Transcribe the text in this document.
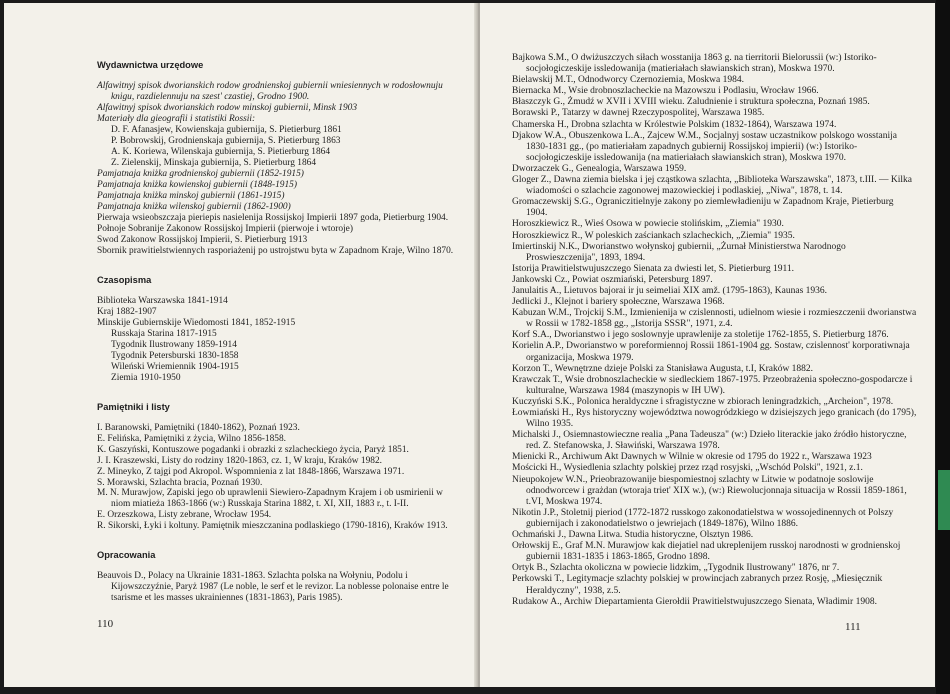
Wydawnictwa urzędowe

Alfawitnyj spisok dworianskich rodow grodnienskoj gubiernii wniesiennych w rodosłownuju knigu, razdielennuju na szest' czastiej, Grodno 1900.

Alfawitnyj spisok dworianskich rodow minskoj gubiernii, Minsk 1903

Materiały dla gieografii i statistiki Rossii:

D. F. Afanasjew, Kowienskaja gubiernija, S. Pietierburg 1861

P. Bobrowskij, Grodnienskaja gubiernija, S. Pietierburg 1863

A. K. Koriewa, Wilenskaja gubiernija, S. Pietierburg 1864

Z. Zielenskij, Minskaja gubiernija, S. Pietierburg 1864

Pamjatnaja kniżka grodnienskoj gubiernii (1852-1915)

Pamjatnaja kniżka kowienskoj gubiernii (1848-1915)

Pamjatnaja kniżka minskoj gubiernii (1861-1915)

Pamjatnaja kniżka wilenskoj gubiernii (1862-1900)

Pierwaja wsieobszczaja pieriepis nasielenija Rossijskoj Impierii 1897 goda, Pietierburg 1904.

Połnoje Sobranije Zakonow Rossijskoj Impierii (pierwoje i wtoroje)

Swod Zakonow Rossijskoj Impierii, S. Pietierburg 1913

Sbornik prawitielstwiennych rasporiażenij po ustrojstwu byta w Zapadnom Kraje, Wilno 1870.

Czasopisma

Biblioteka Warszawska 1841-1914

Kraj 1882-1907

Minskije Gubiernskije Wiedomosti 1841, 1852-1915

Russkaja Starina 1817-1915

Tygodnik Ilustrowany 1859-1914

Tygodnik Petersburski 1830-1858

Wileński Wriemiennik 1904-1915

Ziemia 1910-1950

Pamiętniki i listy

I. Baranowski, Pamiętniki (1840-1862), Poznań 1923.

E. Felińska, Pamiętniki z życia, Wilno 1856-1858.

K. Gaszyński, Kontuszowe pogadanki i obrazki z szlacheckiego życia, Paryż 1851.

J. I. Kraszewski, Listy do rodziny 1820-1863, cz. 1, W kraju, Kraków 1982.

Z. Mineyko, Z tajgi pod Akropol. Wspomnienia z lat 1848-1866, Warszawa 1971.

S. Morawski, Szlachta bracia, Poznań 1930.

M. N. Murawjow, Zapiski jego ob uprawlenii Siewiero-Zapadnym Krajem i ob usmirienii w niom miatieża 1863-1866 (w:) Russkaja Starina 1882, t. XI, XII, 1883 r., t. I-II.

E. Orzeszkowa, Listy zebrane, Wrocław 1954.

R. Sikorski, Łyki i koltuny. Pamiętnik mieszczanina podlaskiego (1790-1816), Kraków 1913.

Opracowania

Beauvois D., Polacy na Ukrainie 1831-1863. Szlachta polska na Wołyniu, Podolu i Kijowszczyźnie, Paryż 1987 (Le noble, le serf et le revizor. La noblesse polonaise entre le tsarisme et les masses ukrainiennes (1831-1863), Paris 1985).

110

Bajkowa S.M., O dwiżuszczych siłach wosstanija 1863 g. na tierritorii Bielorussii (w:) Istoriko-socjołogiczeskije issledowanija (matieriałach sławianskich stran), Moskwa 1970.

Bielawskij M.T., Odnodworcy Czernoziemia, Moskwa 1984.

Biernacka M., Wsie drobnoszlacheckie na Mazowszu i Podlasiu, Wrocław 1966.

Błaszczyk G., Żmudź w XVII i XVIII wieku. Zaludnienie i struktura społeczna, Poznań 1985.

Borawski P., Tatarzy w dawnej Rzeczypospolitej, Warszawa 1985.

Chamerska H., Drobna szlachta w Królestwie Polskim (1832-1864), Warszawa 1974.

Djakow W.A., Obuszenkowa L.A., Zajcew W.M., Socjalnyj sostaw uczastnikow polskogo wosstanija 1830-1831 gg., (po matieriałam zapadnych gubiernij Rossijskoj impierii) (w:) Istoriko-socjołogiczeskije issledowanija (na matieriałach sławianskich stran), Moskwa 1970.

Dworzaczek G., Genealogia, Warszawa 1959.

Gloger Z., Dawna ziemia bielska i jej cząstkowa szlachta, „Biblioteka Warszawska", 1873, t.III. — Kilka wiadomości o szlachcie zagonowej mazowieckiej i podlaskiej, „Niwa", 1878, t. 14.

Gromaczewskij S.G., Ograniczitielnyje zakony po ziemlewładieniju w Zapadnom Kraje, Pietierburg 1904.

Horoszkiewicz R., Wieś Osowa w powiecie stolińskim, „Ziemia" 1930.

Horoszkiewicz R., W poleskich zaściankach szlacheckich, „Ziemia" 1935.

Imiertinskij N.K., Dworianstwo wołynskoj gubiernii, „Żurnał Ministierstwa Narodnogo Proswieszczenija", 1893, 1894.

Istorija Prawitielstwujuszczego Sienata za dwiesti let, S. Pietierburg 1911.

Jankowski Cz., Powiat oszmiański, Petersburg 1897.

Janulaitis A., Lietuvos bajorai ir ju seimeliai XIX amž. (1795-1863), Kaunas 1936.

Jedlicki J., Klejnot i bariery społeczne, Warszawa 1968.

Kabuzan W.M., Trojckij S.M., Izmienienija w czislennosti, udielnom wiesie i rozmieszczenii dworianstwa w Rossii w 1782-1858 gg., „Istorija SSSR", 1971, z.4.

Korf S.A., Dworianstwo i jego soslownyje uprawlenije za stoletije 1762-1855, S. Pietierburg 1876.

Korielin A.P., Dworianstwo w poreformiennoj Rossii 1861-1904 gg. Sostaw, czislennost' korporatiwnaja organizacija, Moskwa 1979.

Korzon T., Wewnętrzne dzieje Polski za Stanisława Augusta, t.I, Kraków 1882.

Krawczak T., Wsie drobnoszlacheckie w siedleckiem 1867-1975. Przeobrażenia społeczno-gospodarcze i kulturalne, Warszawa 1984 (maszynopis w IH UW).

Kuczyński S.K., Polonica heraldyczne i sfragistyczne w zbiorach leningradzkich, „Archeion", 1978.

Łowmiański H., Rys historyczny województwa nowogródzkiego w dzisiejszych jego granicach (do 1795), Wilno 1935.

Michalski J., Osiemnastowieczne realia „Pana Tadeusza" (w:) Dzieło literackie jako źródło historyczne, red. Z. Stefanowska, J. Sławiński, Warszawa 1978.

Mienicki R., Archiwum Akt Dawnych w Wilnie w okresie od 1795 do 1922 r., Warszawa 1923

Mościcki H., Wysiedlenia szlachty polskiej przez rząd rosyjski, „Wschód Polski", 1921, z.1.

Nieupokojew W.N., Prieobrazowanije biespomiestnoj szlachty w Litwie w podatnoje soslowije odnodworcew i grażdan (wtoraja triet' XIX w.), (w:) Riewolucjonnaja situacija w Rossii 1859-1861, t.VI, Moskwa 1974.

Nikotin J.P., Stoletnij pieriod (1772-1872 russkogo zakonodatielstwa w wossojedinennych ot Polszy gubiernijach i zakonodatielstwo o jewriejach (1849-1876), Wilno 1886.

Ochmański J., Dawna Litwa. Studia historyczne, Olsztyn 1986.

Orłowskij E., Graf M.N. Murawjow kak diejatiel nad ukreplenijem russkoj narodnosti w grodnienskoj gubiernii 1831-1835 i 1863-1865, Grodno 1898.

Ortyk B., Szlachta okoliczna w powiecie lidzkim, „Tygodnik Ilustrowany" 1876, nr 7.

Perkowski T., Legitymacje szlachty polskiej w prowincjach zabranych przez Rosję, „Miesięcznik Heraldyczny", 1938, z.5.

Rudakow A., Archiw Diepartamienta Gierołdii Prawitielstwujuszczego Sienata, Władimir 1908.

111
